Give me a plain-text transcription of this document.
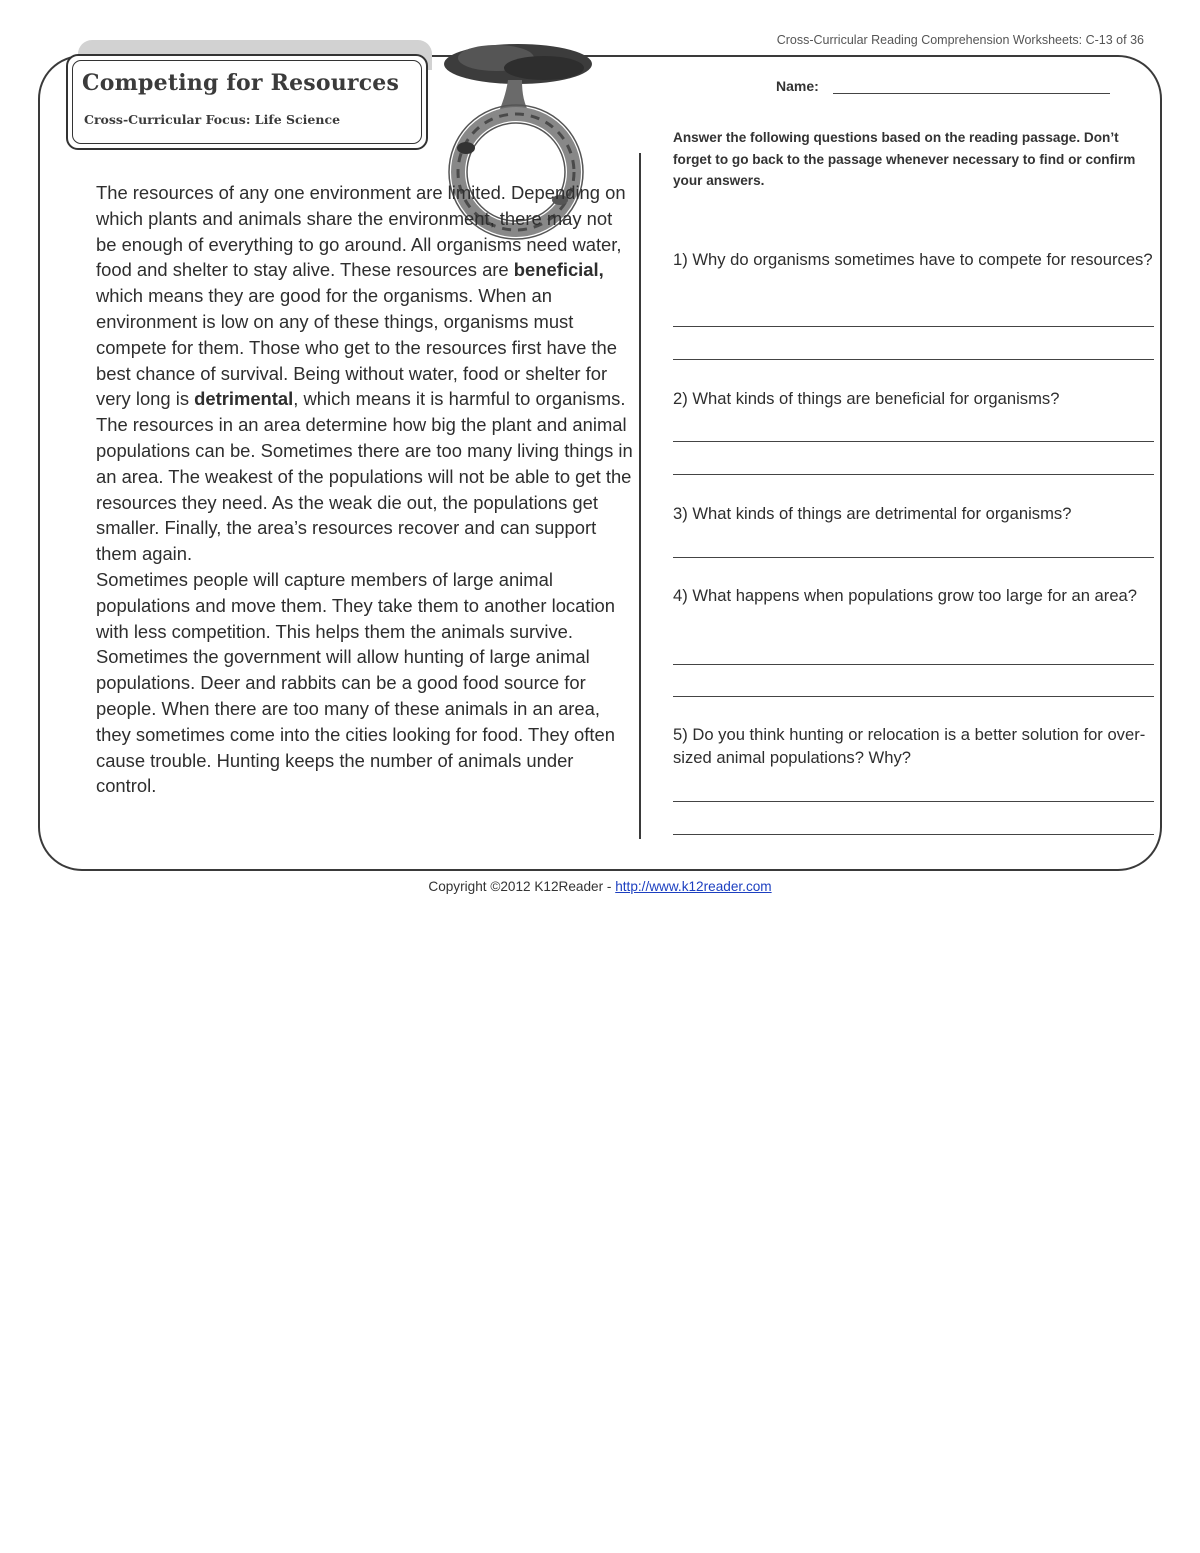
Cross-Curricular Reading Comprehension Worksheets: C-13 of 36
Competing for Resources
Cross-Curricular Focus: Life Science

The resources of any one environment are limited. Depending on which plants and animals share the environment, there may not be enough of everything to go around. All organisms need water, food and shelter to stay alive. These resources are beneficial, which means they are good for the organisms. When an environment is low on any of these things, organisms must compete for them. Those who get to the resources first have the best chance of survival. Being without water, food or shelter for very long is detrimental, which means it is harmful to organisms.

The resources in an area determine how big the plant and animal populations can be. Sometimes there are too many living things in an area. The weakest of the populations will not be able to get the resources they need. As the weak die out, the populations get smaller. Finally, the area’s resources recover and can support them again.

Sometimes people will capture members of large animal populations and move them. They take them to another location with less competition. This helps them the animals survive.

Sometimes the government will allow hunting of large animal populations. Deer and rabbits can be a good food source for people. When there are too many of these animals in an area, they sometimes come into the cities looking for food. They often cause trouble. Hunting keeps the number of animals under control.

Name:

Answer the following questions based on the reading passage. Don’t forget to go back to the passage whenever necessary to find or confirm your answers.

1) Why do organisms sometimes have to compete for resources?

2) What kinds of things are beneficial for organisms?

3) What kinds of things are detrimental for organisms?

4) What happens when populations grow too large for an area?

5) Do you think hunting or relocation is a better solution for over-sized animal populations? Why?

Copyright ©2012 K12Reader - http://www.k12reader.com
